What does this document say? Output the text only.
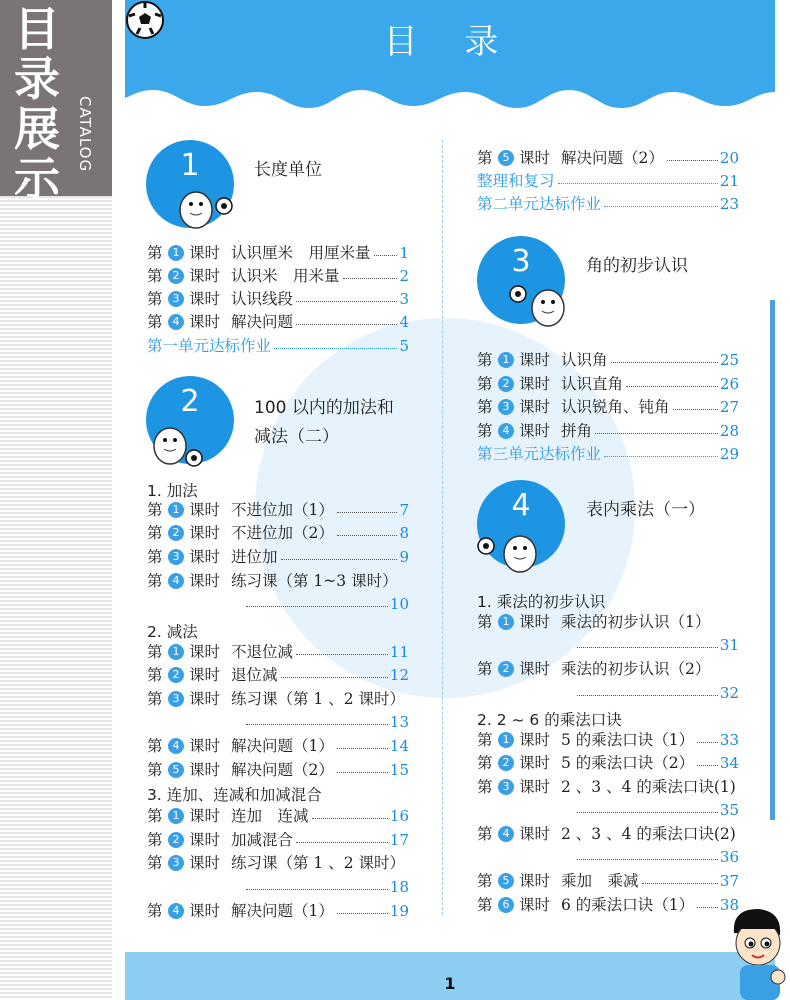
目
录
展
示
CATALOG
目 录
1	长度单位
2	100 以内的加法和
减法（二）
3	角的初步认识
4	表内乘法（一）
第 1 课时 认识厘米　用厘米量 1
第 2 课时 认识米　用米量	2
第 3 课时 认识线段	3
第 4 课时 解决问题	4
第一单元达标作业	5
1. 加法
第 1 课时 不进位加（1）	7
第 2 课时 不进位加（2）	8
第 3 课时 进位加	9
第 4 课时 练习课（第 1~3 课时）
10
2. 减法
第 1 课时 不退位减	11
第 2 课时 退位减	12
第 3 课时 练习课（第 1 、2 课时）
13
第 4 课时 解决问题（1）	14
第 5 课时 解决问题（2）	15
3. 连加、连减和加减混合
第 1 课时 连加　连减	16
第 2 课时 加减混合	17
第 3 课时 练习课（第 1 、2 课时）
18
第 4 课时 解决问题（1）	19
第 5 课时 解决问题（2）	20
整理和复习	21
第二单元达标作业	23
第 1 课时 认识角	25
第 2 课时 认识直角	26
第 3 课时 认识锐角、钝角	27
第 4 课时 拼角	28
第三单元达标作业	29
1. 乘法的初步认识
第 1 课时 乘法的初步认识（1）
31
第 2 课时 乘法的初步认识（2）
32
2. 2 ~ 6 的乘法口诀
第 1 课时 5 的乘法口诀（1） 33
第 2 课时 5 的乘法口诀（2） 34
第 3 课时 2 、3 、4 的乘法口诀(1)
35
第 4 课时 2 、3 、4 的乘法口诀(2)
36
第 5 课时 乘加　乘减	37
第 6 课时 6 的乘法口诀（1） 38
1
